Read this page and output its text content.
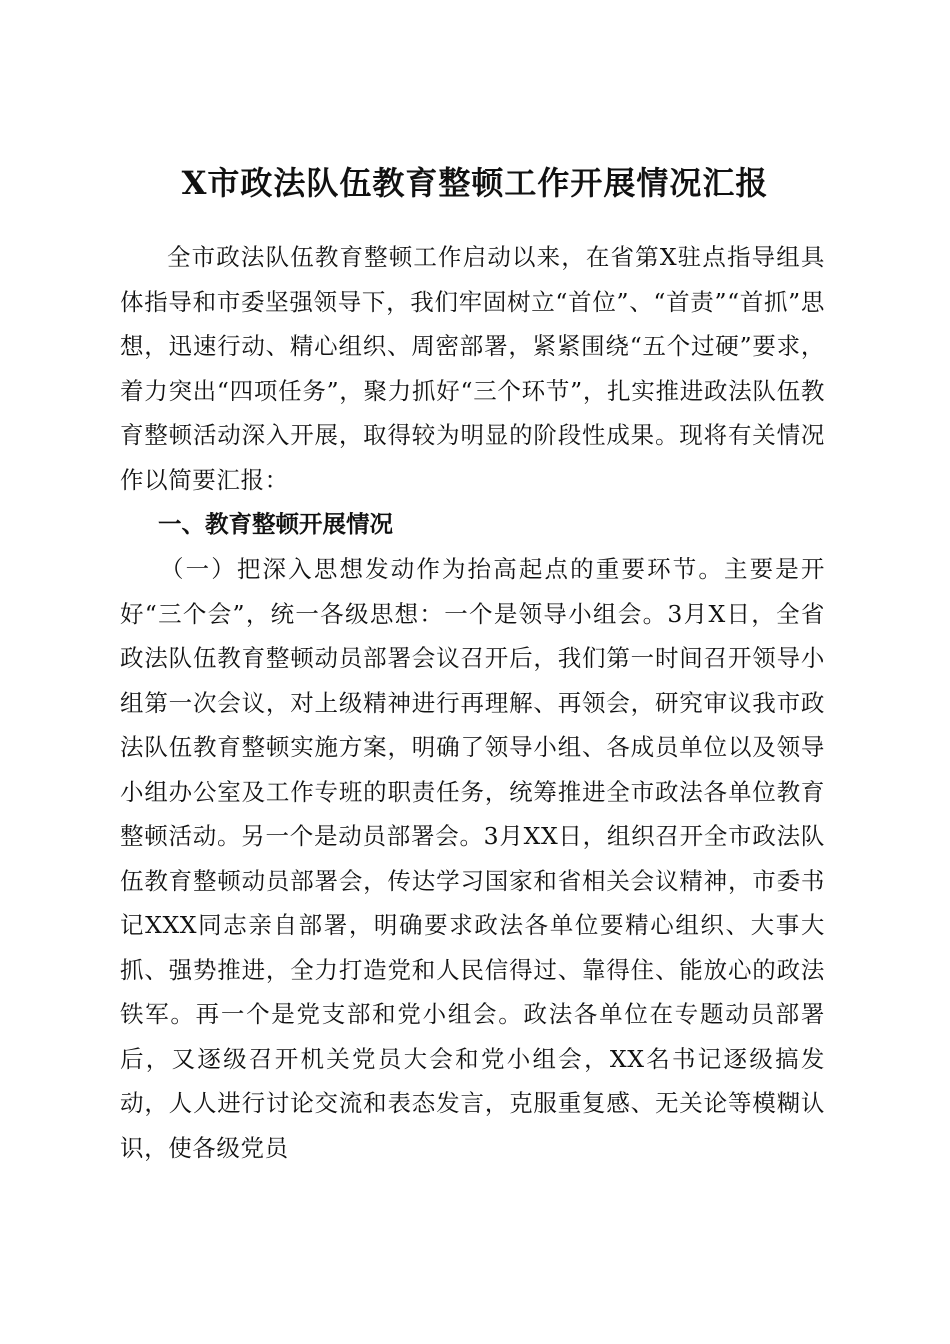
X市政法队伍教育整顿工作开展情况汇报

全市政法队伍教育整顿工作启动以来，在省第X驻点指导组具体指导和市委坚强领导下，我们牢固树立“首位”、“首责”“首抓”思想，迅速行动、精心组织、周密部署，紧紧围绕“五个过硬”要求，着力突出“四项任务”，聚力抓好“三个环节”，扎实推进政法队伍教育整顿活动深入开展，取得较为明显的阶段性成果。现将有关情况作以简要汇报：

一、教育整顿开展情况

（一）把深入思想发动作为抬高起点的重要环节。主要是开好“三个会”，统一各级思想：一个是领导小组会。3月X日，全省政法队伍教育整顿动员部署会议召开后，我们第一时间召开领导小组第一次会议，对上级精神进行再理解、再领会，研究审议我市政法队伍教育整顿实施方案，明确了领导小组、各成员单位以及领导小组办公室及工作专班的职责任务，统筹推进全市政法各单位教育整顿活动。另一个是动员部署会。3月XX日，组织召开全市政法队伍教育整顿动员部署会，传达学习国家和省相关会议精神，市委书记XXX同志亲自部署，明确要求政法各单位要精心组织、大事大抓、强势推进，全力打造党和人民信得过、靠得住、能放心的政法铁军。再一个是党支部和党小组会。政法各单位在专题动员部署后，又逐级召开机关党员大会和党小组会，XX名书记逐级搞发动，人人进行讨论交流和表态发言，克服重复感、无关论等模糊认识，使各级党员
